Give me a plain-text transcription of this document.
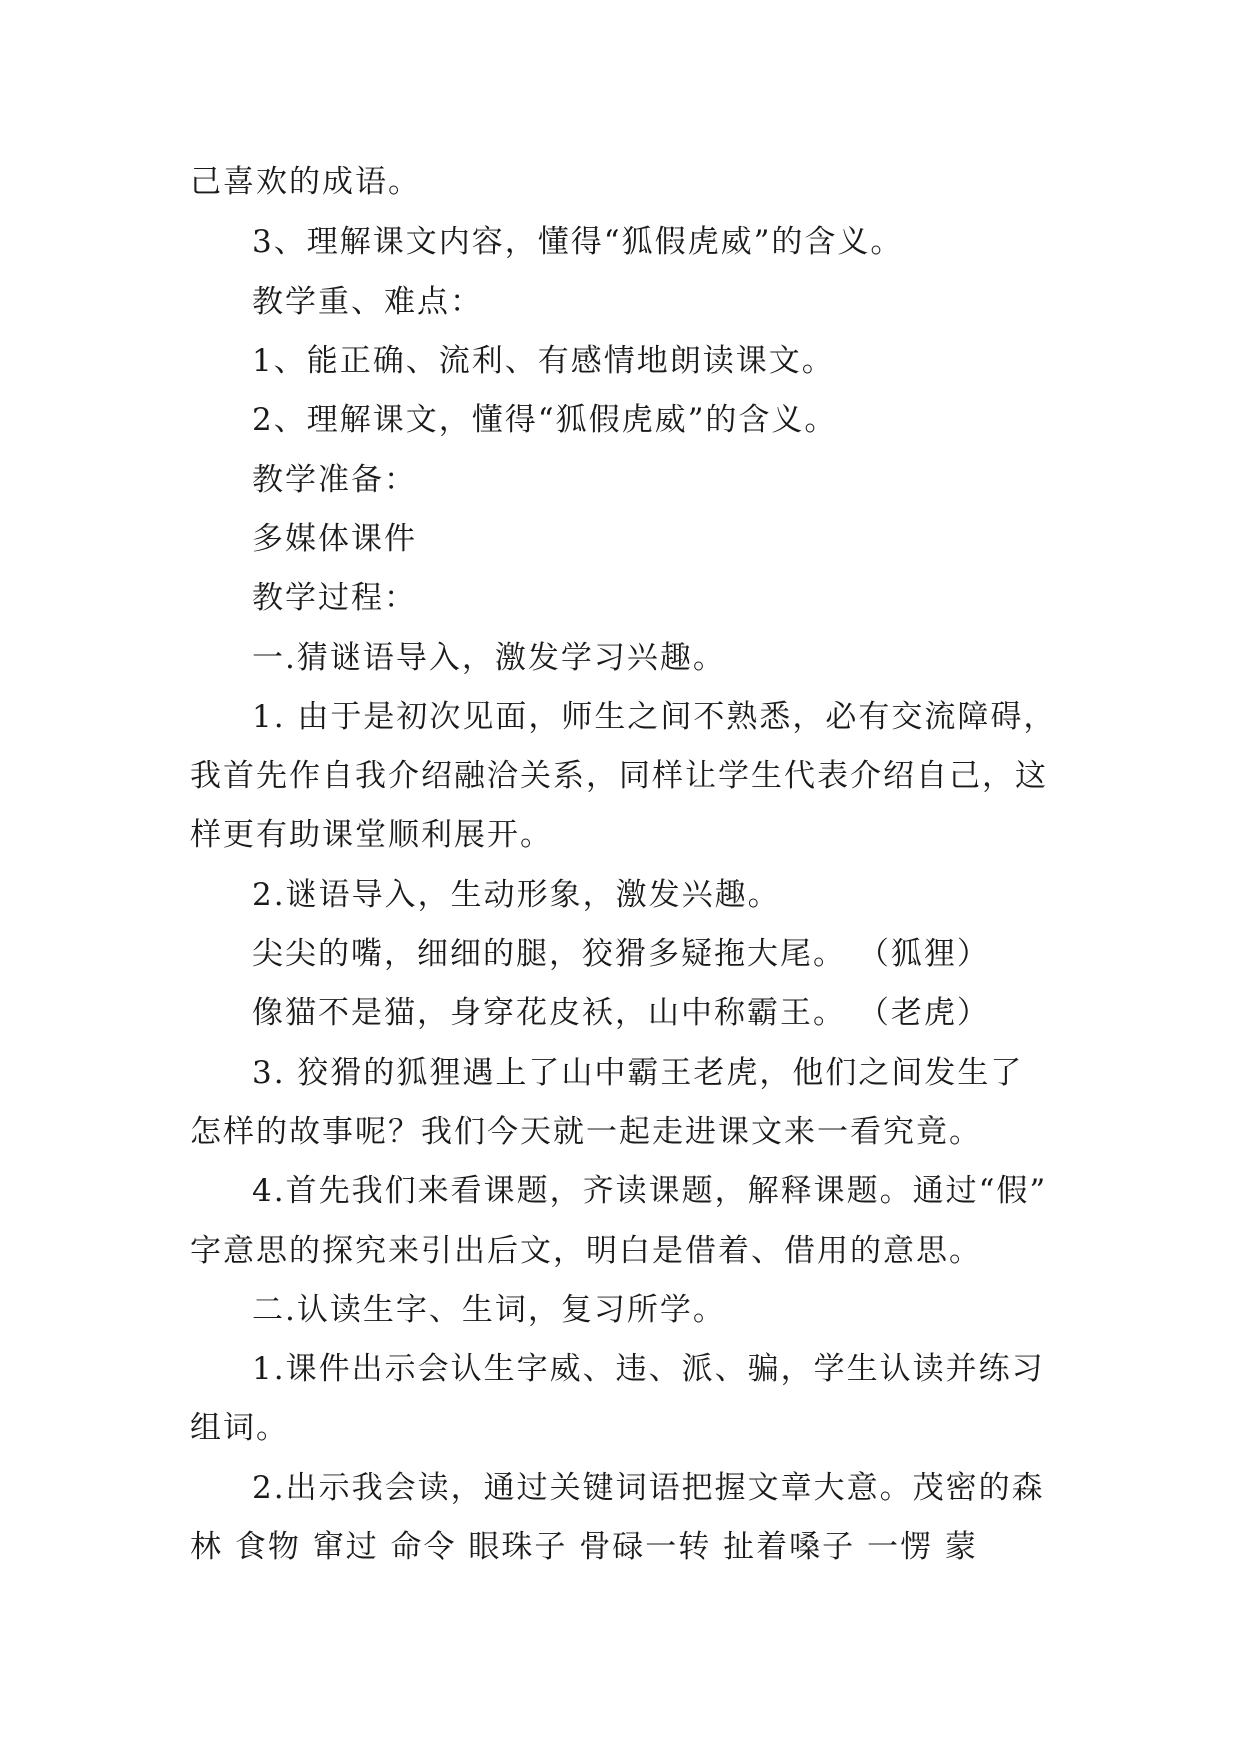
己喜欢的成语。

3、理解课文内容，懂得“狐假虎威”的含义。

教学重、难点：

1、能正确、流利、有感情地朗读课文。

2、理解课文，懂得“狐假虎威”的含义。

教学准备：

多媒体课件

教学过程：

一.猜谜语导入，激发学习兴趣。

1. 由于是初次见面，师生之间不熟悉，必有交流障碍，

我首先作自我介绍融洽关系，同样让学生代表介绍自己，这

样更有助课堂顺利展开。

2.谜语导入，生动形象，激发兴趣。

尖尖的嘴，细细的腿，狡猾多疑拖大尾。 （狐狸）

像猫不是猫，身穿花皮袄，山中称霸王。 （老虎）

3. 狡猾的狐狸遇上了山中霸王老虎，他们之间发生了

怎样的故事呢？我们今天就一起走进课文来一看究竟。

4.首先我们来看课题，齐读课题，解释课题。通过“假”

字意思的探究来引出后文，明白是借着、借用的意思。

二.认读生字、生词，复习所学。

1.课件出示会认生字威、违、派、骗，学生认读并练习

组词。

2.出示我会读，通过关键词语把握文章大意。茂密的森

林 食物 窜过 命令 眼珠子 骨碌一转 扯着嗓子 一愣 蒙
